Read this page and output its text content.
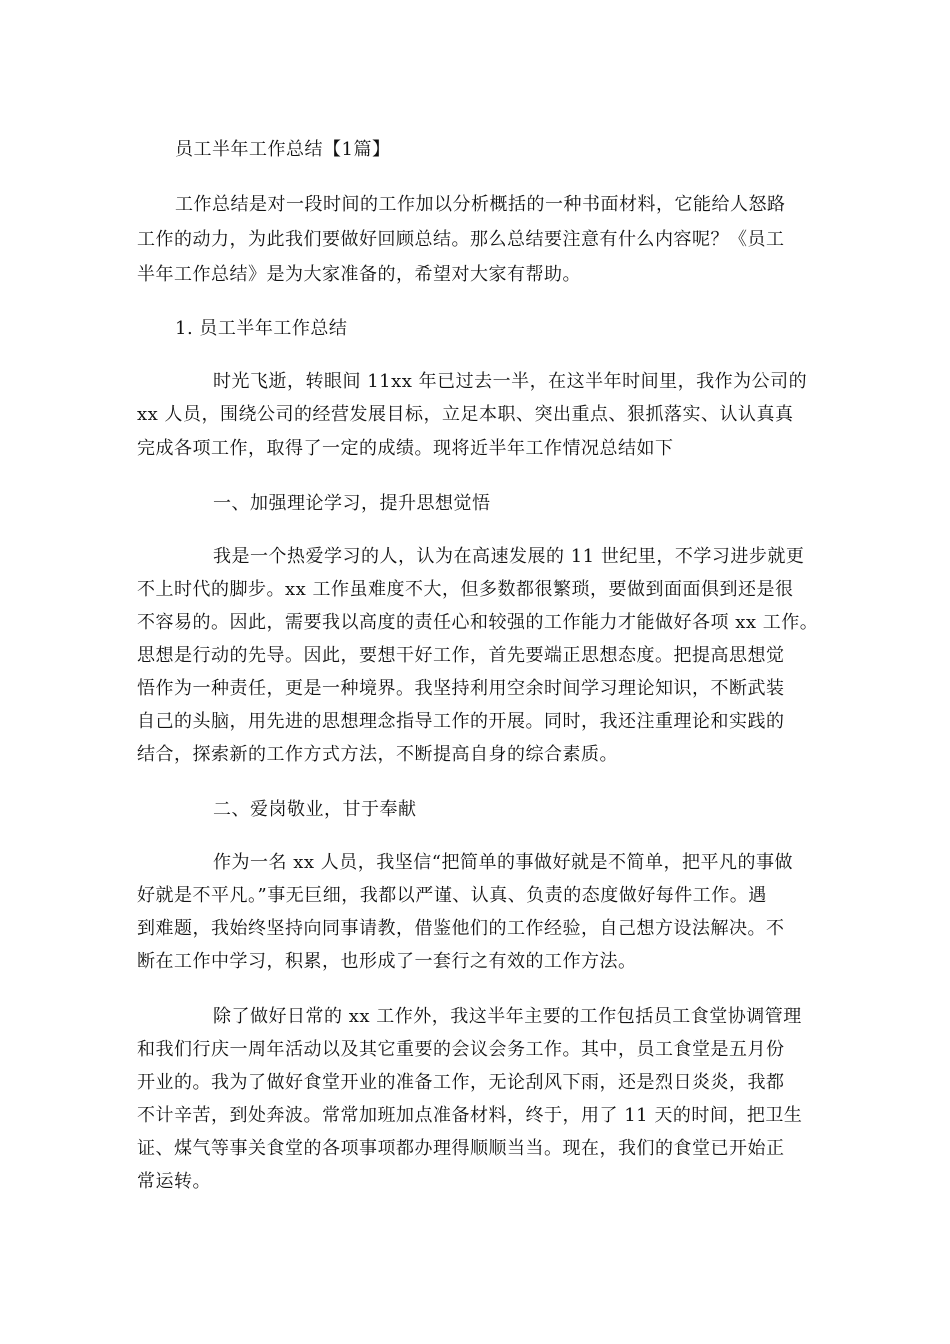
员工半年工作总结【1篇】
工作总结是对一段时间的工作加以分析概括的一种书面材料，它能给人怒路
工作的动力，为此我们要做好回顾总结。那么总结要注意有什么内容呢？《员工
半年工作总结》是为大家准备的，希望对大家有帮助。
1. 员工半年工作总结
时光飞逝，转眼间 11xx 年已过去一半，在这半年时间里，我作为公司的
xx 人员，围绕公司的经营发展目标，立足本职、突出重点、狠抓落实、认认真真
完成各项工作，取得了一定的成绩。现将近半年工作情况总结如下
一、加强理论学习，提升思想觉悟
我是一个热爱学习的人，认为在高速发展的 11 世纪里，不学习进步就更
不上时代的脚步。xx 工作虽难度不大，但多数都很繁琐，要做到面面俱到还是很
不容易的。因此，需要我以高度的责任心和较强的工作能力才能做好各项 xx 工作。
思想是行动的先导。因此，要想干好工作，首先要端正思想态度。把提高思想觉
悟作为一种责任，更是一种境界。我坚持利用空余时间学习理论知识，不断武装
自己的头脑，用先进的思想理念指导工作的开展。同时，我还注重理论和实践的
结合，探索新的工作方式方法，不断提高自身的综合素质。
二、爱岗敬业，甘于奉献
作为一名 xx 人员，我坚信“把简单的事做好就是不简单，把平凡的事做
好就是不平凡。”事无巨细，我都以严谨、认真、负责的态度做好每件工作。遇
到难题，我始终坚持向同事请教，借鉴他们的工作经验，自己想方设法解决。不
断在工作中学习，积累，也形成了一套行之有效的工作方法。
除了做好日常的 xx 工作外，我这半年主要的工作包括员工食堂协调管理
和我们行庆一周年活动以及其它重要的会议会务工作。其中，员工食堂是五月份
开业的。我为了做好食堂开业的准备工作，无论刮风下雨，还是烈日炎炎，我都
不计辛苦，到处奔波。常常加班加点准备材料，终于，用了 11 天的时间，把卫生
证、煤气等事关食堂的各项事项都办理得顺顺当当。现在，我们的食堂已开始正
常运转。
